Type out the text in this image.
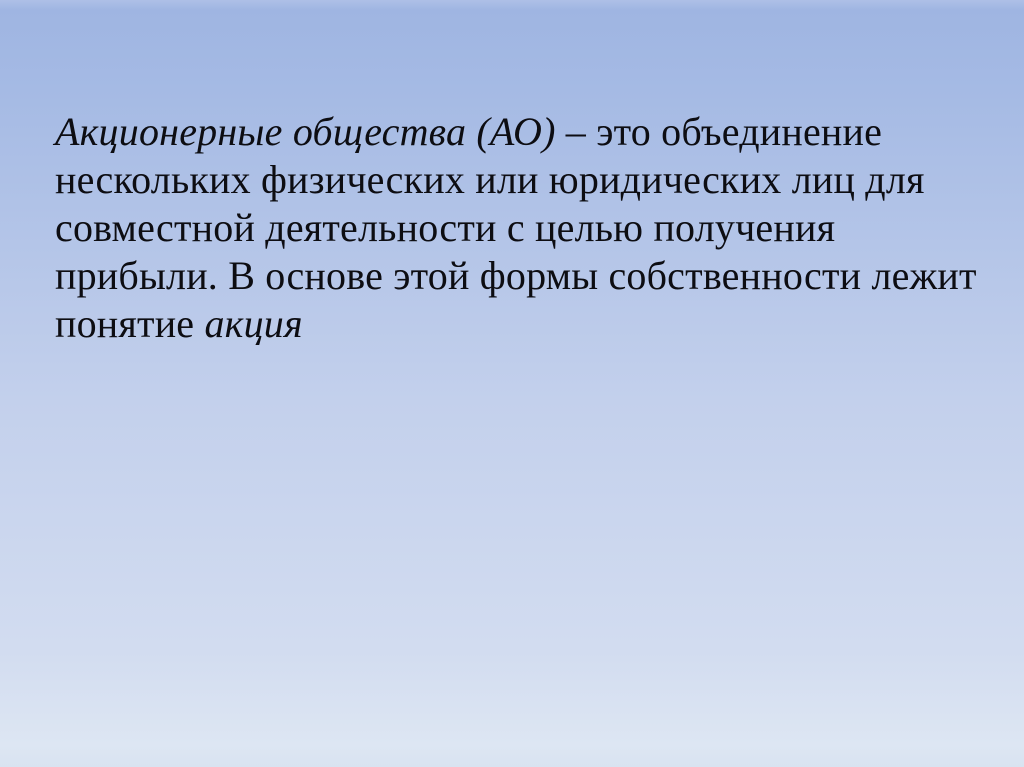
Акционерные общества (АО) – это объединение
нескольких физических или юридических лиц для
совместной деятельности с целью получения
прибыли. В основе этой формы собственности лежит
понятие акция
